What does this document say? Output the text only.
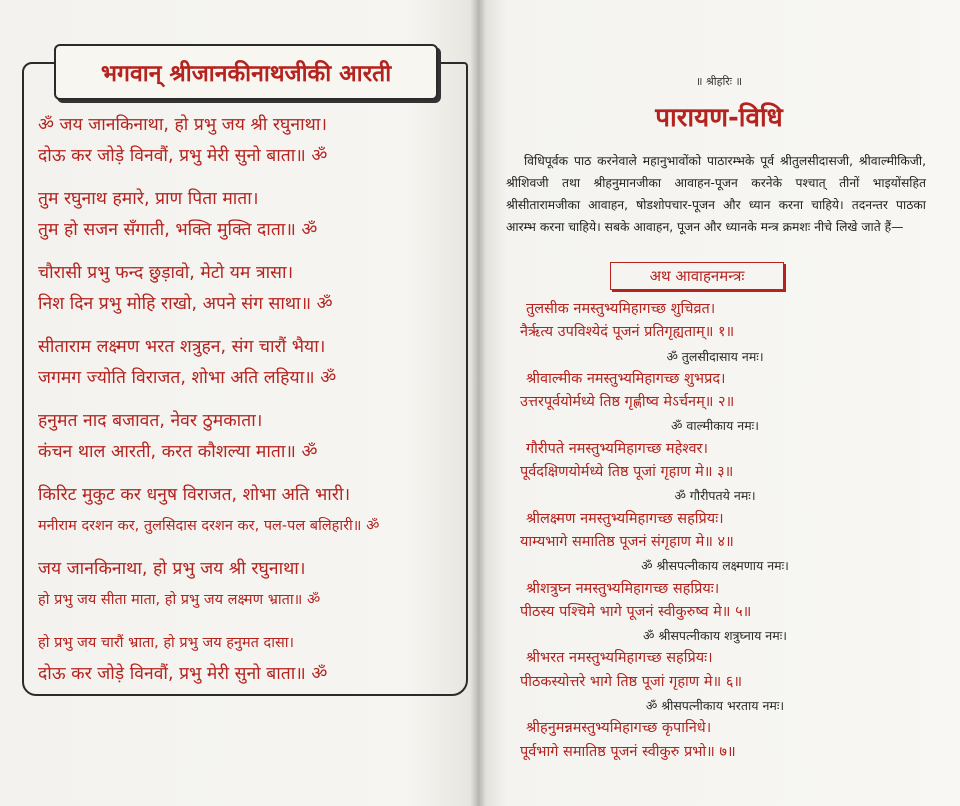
भगवान् श्रीजानकीनाथजीकी आरती
ॐ जय जानकिनाथा, हो प्रभु जय श्री रघुनाथा।
दोऊ कर जोड़े विनवौं, प्रभु मेरी सुनो बाता॥ ॐ
तुम रघुनाथ हमारे, प्राण पिता माता।
तुम हो सजन सँगाती, भक्ति मुक्ति दाता॥ ॐ
चौरासी प्रभु फन्द छुड़ावो, मेटो यम त्रासा।
निश दिन प्रभु मोहि राखो, अपने संग साथा॥ ॐ
सीताराम लक्ष्मण भरत शत्रुहन, संग चारौं भैया।
जगमग ज्योति विराजत, शोभा अति लहिया॥ ॐ
हनुमत नाद बजावत, नेवर ठुमकाता।
कंचन थाल आरती, करत कौशल्या माता॥ ॐ
किरिट मुकुट कर धनुष विराजत, शोभा अति भारी।
मनीराम दरशन कर, तुलसिदास दरशन कर, पल-पल बलिहारी॥ ॐ
जय जानकिनाथा, हो प्रभु जय श्री रघुनाथा।
हो प्रभु जय सीता माता, हो प्रभु जय लक्ष्मण भ्राता॥ ॐ
हो प्रभु जय चारौं भ्राता, हो प्रभु जय हनुमत दासा।
दोऊ कर जोड़े विनवौं, प्रभु मेरी सुनो बाता॥ ॐ
॥ श्रीहरिः ॥
पारायण-विधि
विधिपूर्वक पाठ करनेवाले महानुभावोंको पाठारम्भके पूर्व श्रीतुलसीदासजी, श्रीवाल्मीकिजी, श्रीशिवजी तथा श्रीहनुमानजीका आवाहन-पूजन करनेके पश्चात् तीनों भाइयोंसहित श्रीसीतारामजीका आवाहन, षोडशोपचार-पूजन और ध्यान करना चाहिये। तदनन्तर पाठका आरम्भ करना चाहिये। सबके आवाहन, पूजन और ध्यानके मन्त्र क्रमशः नीचे लिखे जाते हैं—
अथ आवाहनमन्त्रः
तुलसीक नमस्तुभ्यमिहागच्छ शुचिव्रत।
नैर्ऋत्य उपविश्येदं पूजनं प्रतिगृह्यताम्॥ १॥
ॐ तुलसीदासाय नमः।
श्रीवाल्मीक नमस्तुभ्यमिहागच्छ शुभप्रद।
उत्तरपूर्वयोर्मध्ये तिष्ठ गृह्णीष्व मेऽर्चनम्॥ २॥
ॐ वाल्मीकाय नमः।
गौरीपते नमस्तुभ्यमिहागच्छ महेश्वर।
पूर्वदक्षिणयोर्मध्ये तिष्ठ पूजां गृहाण मे॥ ३॥
ॐ गौरीपतये नमः।
श्रीलक्ष्मण नमस्तुभ्यमिहागच्छ सहप्रियः।
याम्यभागे समातिष्ठ पूजनं संगृहाण मे॥ ४॥
ॐ श्रीसपत्नीकाय लक्ष्मणाय नमः।
श्रीशत्रुघ्न नमस्तुभ्यमिहागच्छ सहप्रियः।
पीठस्य पश्चिमे भागे पूजनं स्वीकुरुष्व मे॥ ५॥
ॐ श्रीसपत्नीकाय शत्रुघ्नाय नमः।
श्रीभरत नमस्तुभ्यमिहागच्छ सहप्रियः।
पीठकस्योत्तरे भागे तिष्ठ पूजां गृहाण मे॥ ६॥
ॐ श्रीसपत्नीकाय भरताय नमः।
श्रीहनुमन्नमस्तुभ्यमिहागच्छ कृपानिधे।
पूर्वभागे समातिष्ठ पूजनं स्वीकुरु प्रभो॥ ७॥
